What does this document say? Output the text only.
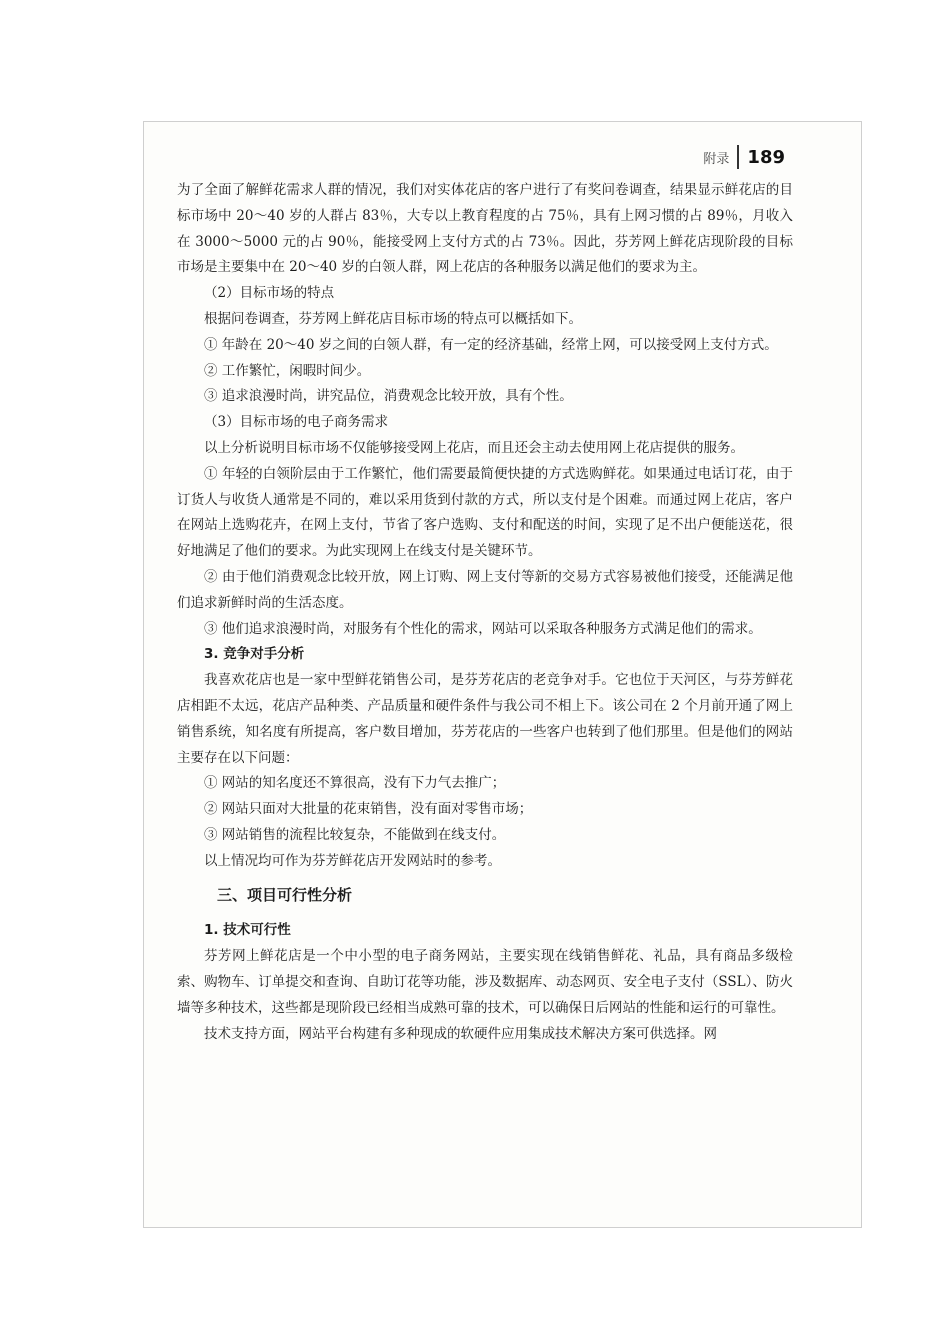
附录 189

为了全面了解鲜花需求人群的情况，我们对实体花店的客户进行了有奖问卷调查，结果显示鲜花店的目标市场中 20～40 岁的人群占 83％，大专以上教育程度的占 75％，具有上网习惯的占 89％，月收入在 3000～5000 元的占 90％，能接受网上支付方式的占 73％。因此，芬芳网上鲜花店现阶段的目标市场是主要集中在 20～40 岁的白领人群，网上花店的各种服务以满足他们的要求为主。

（2）目标市场的特点

根据问卷调查，芬芳网上鲜花店目标市场的特点可以概括如下。

① 年龄在 20～40 岁之间的白领人群，有一定的经济基础，经常上网，可以接受网上支付方式。

② 工作繁忙，闲暇时间少。

③ 追求浪漫时尚，讲究品位，消费观念比较开放，具有个性。

（3）目标市场的电子商务需求

以上分析说明目标市场不仅能够接受网上花店，而且还会主动去使用网上花店提供的服务。

① 年轻的白领阶层由于工作繁忙，他们需要最简便快捷的方式选购鲜花。如果通过电话订花，由于订货人与收货人通常是不同的，难以采用货到付款的方式，所以支付是个困难。而通过网上花店，客户在网站上选购花卉，在网上支付，节省了客户选购、支付和配送的时间，实现了足不出户便能送花，很好地满足了他们的要求。为此实现网上在线支付是关键环节。

② 由于他们消费观念比较开放，网上订购、网上支付等新的交易方式容易被他们接受，还能满足他们追求新鲜时尚的生活态度。

③ 他们追求浪漫时尚，对服务有个性化的需求，网站可以采取各种服务方式满足他们的需求。

3. 竞争对手分析

我喜欢花店也是一家中型鲜花销售公司，是芬芳花店的老竞争对手。它也位于天河区，与芬芳鲜花店相距不太远，花店产品种类、产品质量和硬件条件与我公司不相上下。该公司在 2 个月前开通了网上销售系统，知名度有所提高，客户数目增加，芬芳花店的一些客户也转到了他们那里。但是他们的网站主要存在以下问题：

① 网站的知名度还不算很高，没有下力气去推广；

② 网站只面对大批量的花束销售，没有面对零售市场；

③ 网站销售的流程比较复杂，不能做到在线支付。

以上情况均可作为芬芳鲜花店开发网站时的参考。

三、项目可行性分析

1. 技术可行性

芬芳网上鲜花店是一个中小型的电子商务网站，主要实现在线销售鲜花、礼品，具有商品多级检索、购物车、订单提交和查询、自助订花等功能，涉及数据库、动态网页、安全电子支付（SSL）、防火墙等多种技术，这些都是现阶段已经相当成熟可靠的技术，可以确保日后网站的性能和运行的可靠性。

技术支持方面，网站平台构建有多种现成的软硬件应用集成技术解决方案可供选择。网
